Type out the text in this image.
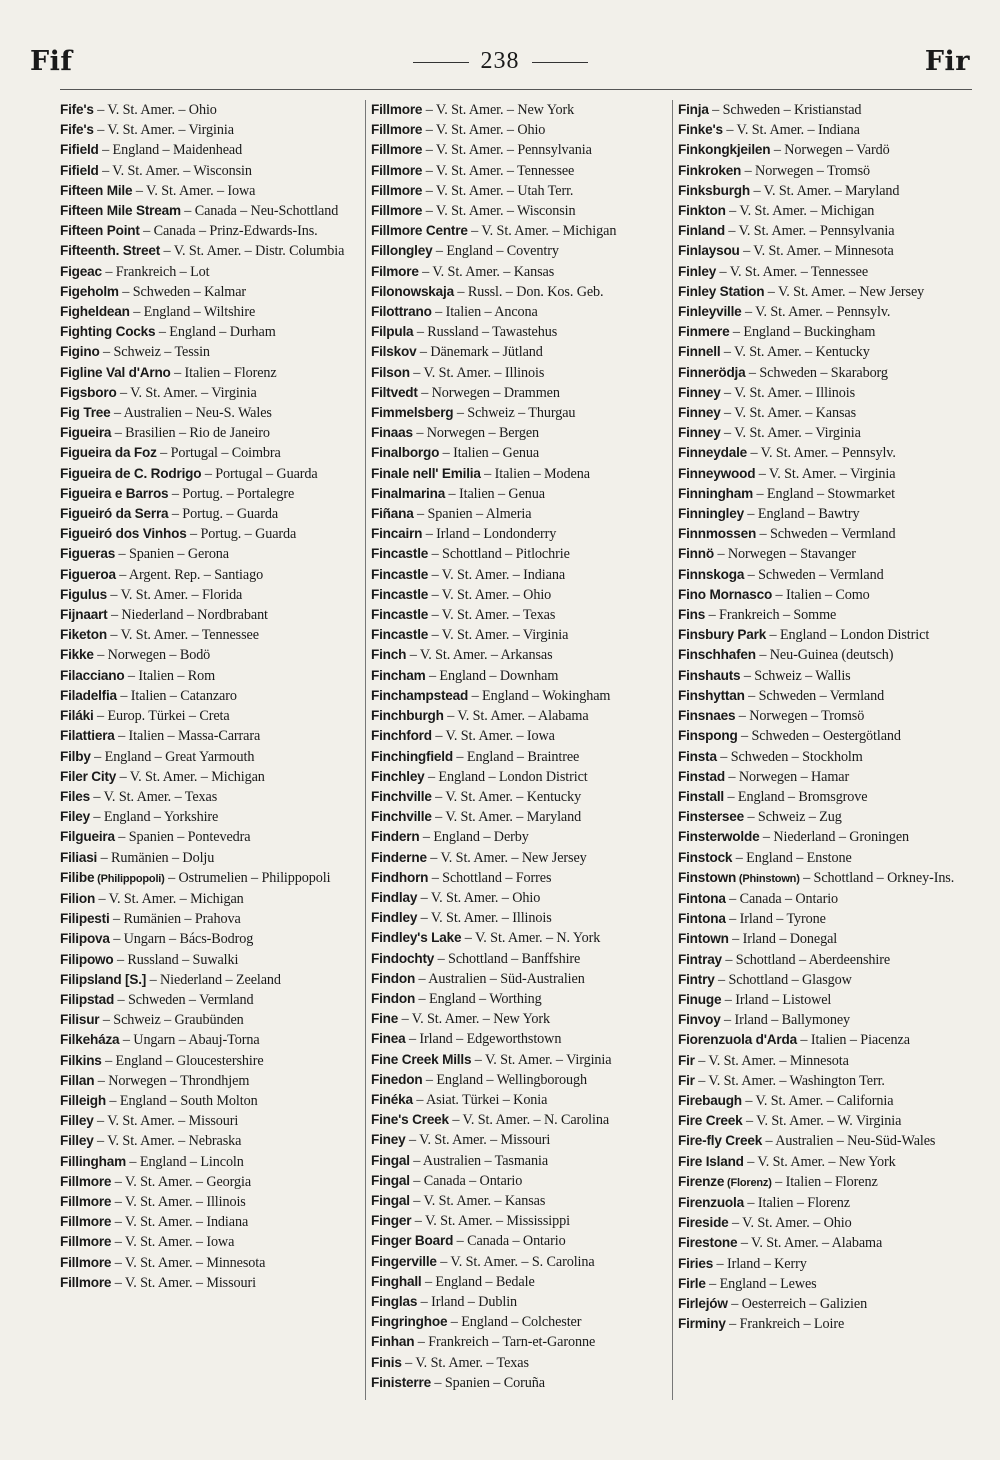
Fif	238	Fir
Fife's – V. St. Amer. – Ohio
Fife's – V. St. Amer. – Virginia
Fifield – England – Maidenhead
Fifield – V. St. Amer. – Wisconsin
Fifteen Mile – V. St. Amer. – Iowa
Fifteen Mile Stream – Canada – Neu-Schottland
Fifteen Point – Canada – Prinz-Edwards-Ins.
Fifteenth. Street – V. St. Amer. – Distr. Columbia
Figeac – Frankreich – Lot
Figeholm – Schweden – Kalmar
Figheldean – England – Wiltshire
Fighting Cocks – England – Durham
Figino – Schweiz – Tessin
Figline Val d'Arno – Italien – Florenz
Figsboro – V. St. Amer. – Virginia
Fig Tree – Australien – Neu-S. Wales
Figueira – Brasilien – Rio de Janeiro
Figueira da Foz – Portugal – Coimbra
Figueira de C. Rodrigo – Portugal – Guarda
Figueira e Barros – Portug. – Portalegre
Figueiró da Serra – Portug. – Guarda
Figueiró dos Vinhos – Portug. – Guarda
Figueras – Spanien – Gerona
Figueroa – Argent. Rep. – Santiago
Figulus – V. St. Amer. – Florida
Fijnaart – Niederland – Nordbrabant
Fiketon – V. St. Amer. – Tennessee
Fikke – Norwegen – Bodö
Filacciano – Italien – Rom
Filadelfia – Italien – Catanzaro
Filáki – Europ. Türkei – Creta
Filattiera – Italien – Massa-Carrara
Filby – England – Great Yarmouth
Filer City – V. St. Amer. – Michigan
Files – V. St. Amer. – Texas
Filey – England – Yorkshire
Filgueira – Spanien – Pontevedra
Filiasi – Rumänien – Dolju
Filibe (Philippopoli) – Ostrumelien – Philippopoli
Filion – V. St. Amer. – Michigan
Filipesti – Rumänien – Prahova
Filipova – Ungarn – Bács-Bodrog
Filipowo – Russland – Suwalki
Filipsland [S.] – Niederland – Zeeland
Filipstad – Schweden – Vermland
Filisur – Schweiz – Graubünden
Filkeháza – Ungarn – Abauj-Torna
Filkins – England – Gloucestershire
Fillan – Norwegen – Throndhjem
Filleigh – England – South Molton
Filley – V. St. Amer. – Missouri
Filley – V. St. Amer. – Nebraska
Fillingham – England – Lincoln
Fillmore – V. St. Amer. – Georgia
Fillmore – V. St. Amer. – Illinois
Fillmore – V. St. Amer. – Indiana
Fillmore – V. St. Amer. – Iowa
Fillmore – V. St. Amer. – Minnesota
Fillmore – V. St. Amer. – Missouri
Fillmore – V. St. Amer. – New York
Fillmore – V. St. Amer. – Ohio
Fillmore – V. St. Amer. – Pennsylvania
Fillmore – V. St. Amer. – Tennessee
Fillmore – V. St. Amer. – Utah Terr.
Fillmore – V. St. Amer. – Wisconsin
Fillmore Centre – V. St. Amer. – Michigan
Fillongley – England – Coventry
Filmore – V. St. Amer. – Kansas
Filonowskaja – Russl. – Don. Kos. Geb.
Filottrano – Italien – Ancona
Filpula – Russland – Tawastehus
Filskov – Dänemark – Jütland
Filson – V. St. Amer. – Illinois
Filtvedt – Norwegen – Drammen
Fimmelsberg – Schweiz – Thurgau
Finaas – Norwegen – Bergen
Finalborgo – Italien – Genua
Finale nell' Emilia – Italien – Modena
Finalmarina – Italien – Genua
Fiñana – Spanien – Almeria
Fincairn – Irland – Londonderry
Fincastle – Schottland – Pitlochrie
Fincastle – V. St. Amer. – Indiana
Fincastle – V. St. Amer. – Ohio
Fincastle – V. St. Amer. – Texas
Fincastle – V. St. Amer. – Virginia
Finch – V. St. Amer. – Arkansas
Fincham – England – Downham
Finchampstead – England – Wokingham
Finchburgh – V. St. Amer. – Alabama
Finchford – V. St. Amer. – Iowa
Finchingfield – England – Braintree
Finchley – England – London District
Finchville – V. St. Amer. – Kentucky
Finchville – V. St. Amer. – Maryland
Findern – England – Derby
Finderne – V. St. Amer. – New Jersey
Findhorn – Schottland – Forres
Findlay – V. St. Amer. – Ohio
Findley – V. St. Amer. – Illinois
Findley's Lake – V. St. Amer. – N. York
Findochty – Schottland – Banffshire
Findon – Australien – Süd-Australien
Findon – England – Worthing
Fine – V. St. Amer. – New York
Finea – Irland – Edgeworthstown
Fine Creek Mills – V. St. Amer. – Virginia
Finedon – England – Wellingborough
Finéka – Asiat. Türkei – Konia
Fine's Creek – V. St. Amer. – N. Carolina
Finey – V. St. Amer. – Missouri
Fingal – Australien – Tasmania
Fingal – Canada – Ontario
Fingal – V. St. Amer. – Kansas
Finger – V. St. Amer. – Mississippi
Finger Board – Canada – Ontario
Fingerville – V. St. Amer. – S. Carolina
Finghall – England – Bedale
Finglas – Irland – Dublin
Fingringhoe – England – Colchester
Finhan – Frankreich – Tarn-et-Garonne
Finis – V. St. Amer. – Texas
Finisterre – Spanien – Coruña
Finja – Schweden – Kristianstad
Finke's – V. St. Amer. – Indiana
Finkongkjeilen – Norwegen – Vardö
Finkroken – Norwegen – Tromsö
Finksburgh – V. St. Amer. – Maryland
Finkton – V. St. Amer. – Michigan
Finland – V. St. Amer. – Pennsylvania
Finlaysou – V. St. Amer. – Minnesota
Finley – V. St. Amer. – Tennessee
Finley Station – V. St. Amer. – New Jersey
Finleyville – V. St. Amer. – Pennsylv.
Finmere – England – Buckingham
Finnell – V. St. Amer. – Kentucky
Finnerödja – Schweden – Skaraborg
Finney – V. St. Amer. – Illinois
Finney – V. St. Amer. – Kansas
Finney – V. St. Amer. – Virginia
Finneydale – V. St. Amer. – Pennsylv.
Finneywood – V. St. Amer. – Virginia
Finningham – England – Stowmarket
Finningley – England – Bawtry
Finnmossen – Schweden – Vermland
Finnö – Norwegen – Stavanger
Finnskoga – Schweden – Vermland
Fino Mornasco – Italien – Como
Fins – Frankreich – Somme
Finsbury Park – England – London District
Finschhafen – Neu-Guinea (deutsch)
Finshauts – Schweiz – Wallis
Finshyttan – Schweden – Vermland
Finsnaes – Norwegen – Tromsö
Finspong – Schweden – Oestergötland
Finsta – Schweden – Stockholm
Finstad – Norwegen – Hamar
Finstall – England – Bromsgrove
Finstersee – Schweiz – Zug
Finsterwolde – Niederland – Groningen
Finstock – England – Enstone
Finstown (Phinstown) – Schottland – Orkney-Ins.
Fintona – Canada – Ontario
Fintona – Irland – Tyrone
Fintown – Irland – Donegal
Fintray – Schottland – Aberdeenshire
Fintry – Schottland – Glasgow
Finuge – Irland – Listowel
Finvoy – Irland – Ballymoney
Fiorenzuola d'Arda – Italien – Piacenza
Fir – V. St. Amer. – Minnesota
Fir – V. St. Amer. – Washington Terr.
Firebaugh – V. St. Amer. – California
Fire Creek – V. St. Amer. – W. Virginia
Fire-fly Creek – Australien – Neu-Süd-Wales
Fire Island – V. St. Amer. – New York
Firenze (Florenz) – Italien – Florenz
Firenzuola – Italien – Florenz
Fireside – V. St. Amer. – Ohio
Firestone – V. St. Amer. – Alabama
Firies – Irland – Kerry
Firle – England – Lewes
Firlejów – Oesterreich – Galizien
Firminy – Frankreich – Loire
